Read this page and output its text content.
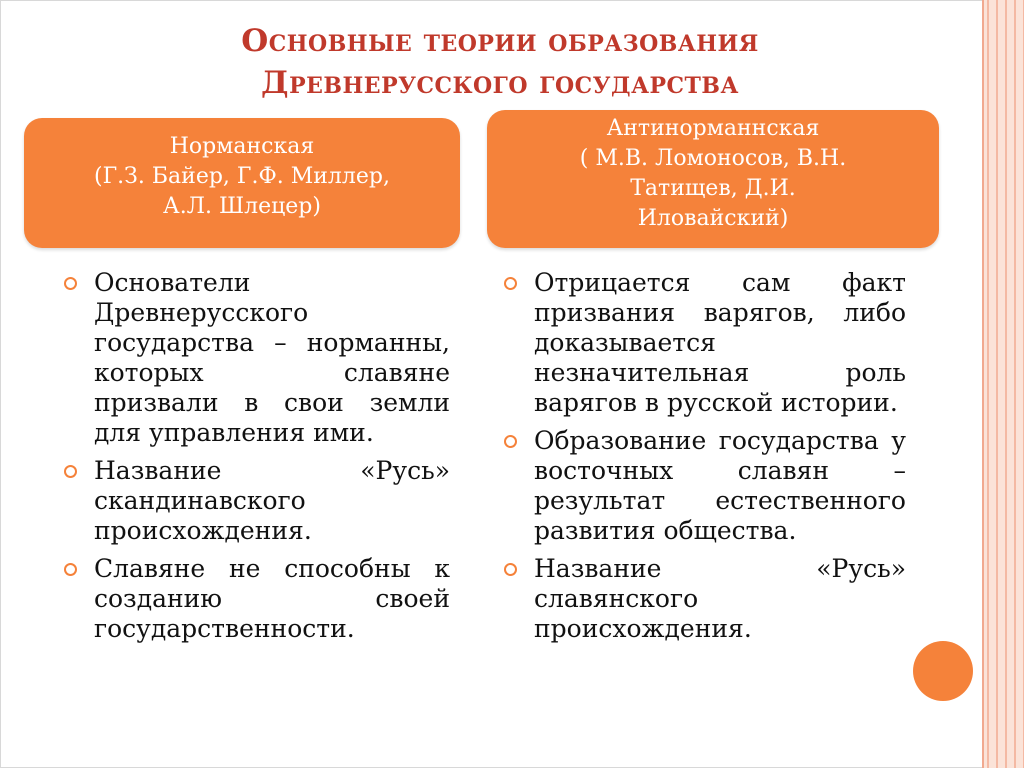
Основные теории образования
Древнерусского государства
Норманская
(Г.З. Байер, Г.Ф. Миллер,
А.Л. Шлецер)
Антинорманнская
( М.В. Ломоносов, В.Н.
Татищев, Д.И.
Иловайский)
Основатели Древнерусского государства – норманны, которых славяне призвали в свои земли для управления ими.
Название «Русь» скандинавского происхождения.
Славяне не способны к созданию своей государственности.
Отрицается сам факт призвания варягов, либо доказывается незначительная роль варягов в русской истории.
Образование государства у восточных славян – результат естественного развития общества.
Название «Русь» славянского происхождения.
